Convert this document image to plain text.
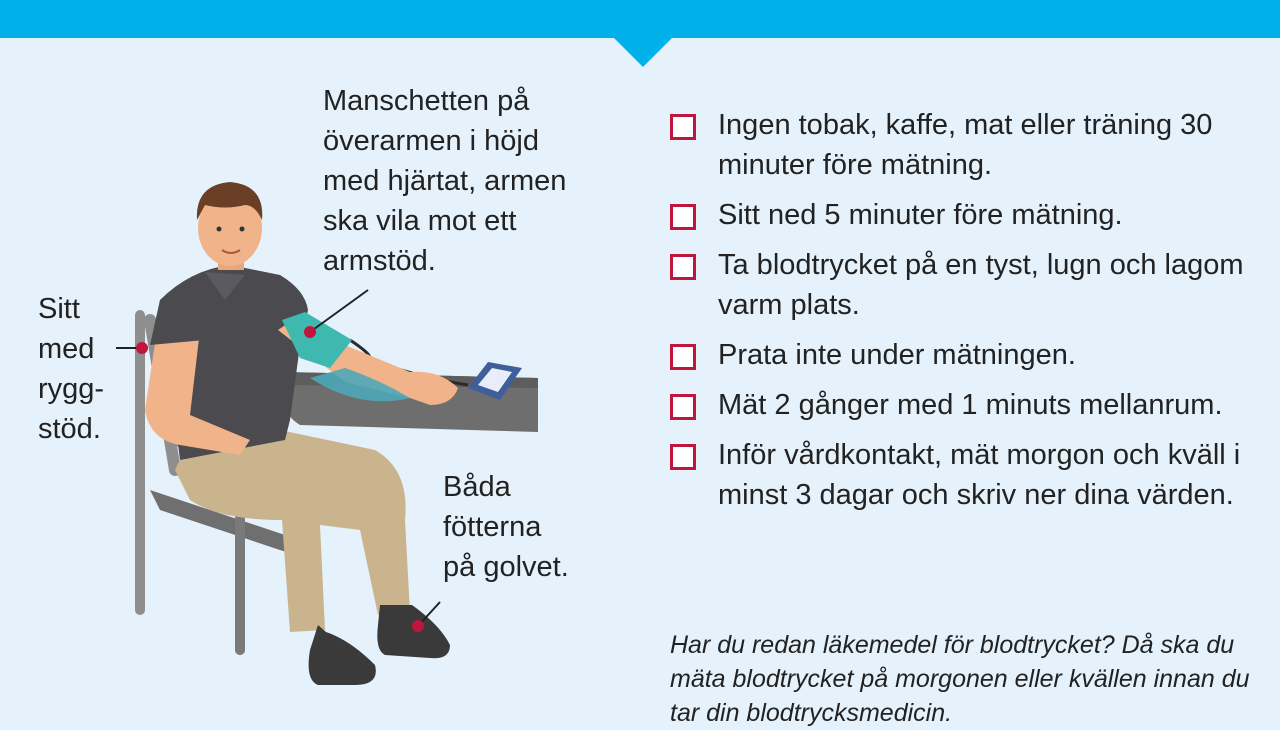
Manschetten på
överarmen i höjd
med hjärtat, armen
ska vila mot ett
armstöd.
Sitt
med
rygg-
stöd.
Båda
fötterna
på golvet.
Ingen tobak, kaffe, mat eller träning 30 minuter före mätning.
Sitt ned 5 minuter före mätning.
Ta blodtrycket på en tyst, lugn och lagom varm plats.
Prata inte under mätningen.
Mät 2 gånger med 1 minuts mellanrum.
Inför vårdkontakt, mät morgon och kväll i minst 3 dagar och skriv ner dina värden.

Har du redan läkemedel för blodtrycket? Då ska du mäta blodtrycket på morgonen eller kvällen innan du tar din blodtrycksmedicin.
